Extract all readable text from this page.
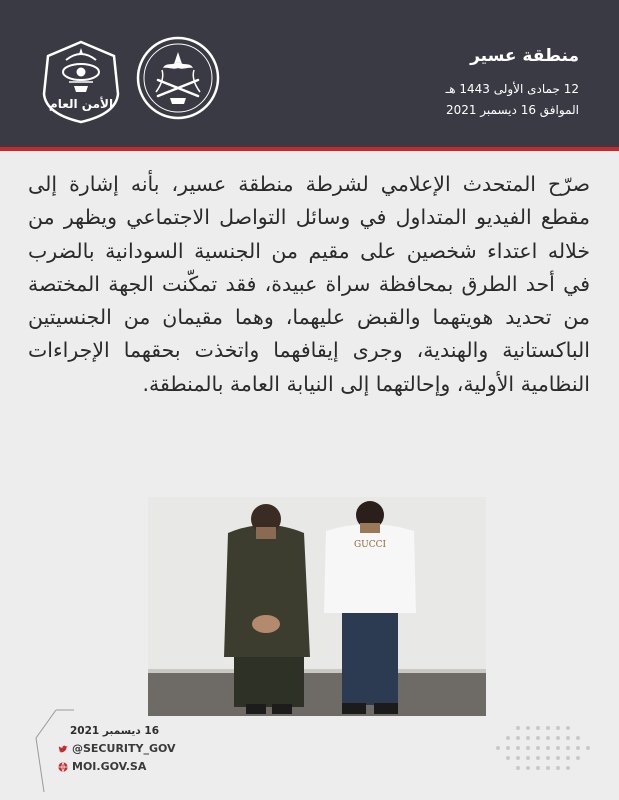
منطقة عسير
12 جمادى الأولى 1443 هـ
الموافق 16 ديسمبر 2021
الأمن العام

صرّح المتحدث الإعلامي لشرطة منطقة عسير، بأنه إشارة إلى مقطع الفيديو المتداول في وسائل التواصل الاجتماعي ويظهر من خلاله اعتداء شخصين على مقيم من الجنسية السودانية بالضرب في أحد الطرق بمحافظة سراة عبيدة، فقد تمكّنت الجهة المختصة من تحديد هويتهما والقبض عليهما، وهما مقيمان من الجنسيتين الباكستانية والهندية، وجرى إيقافهما واتخذت بحقهما الإجراءات النظامية الأولية، وإحالتهما إلى النيابة العامة بالمنطقة.

GUCCI
16 ديسمبر 2021
@SECURITY_GOV
MOI.GOV.SA
